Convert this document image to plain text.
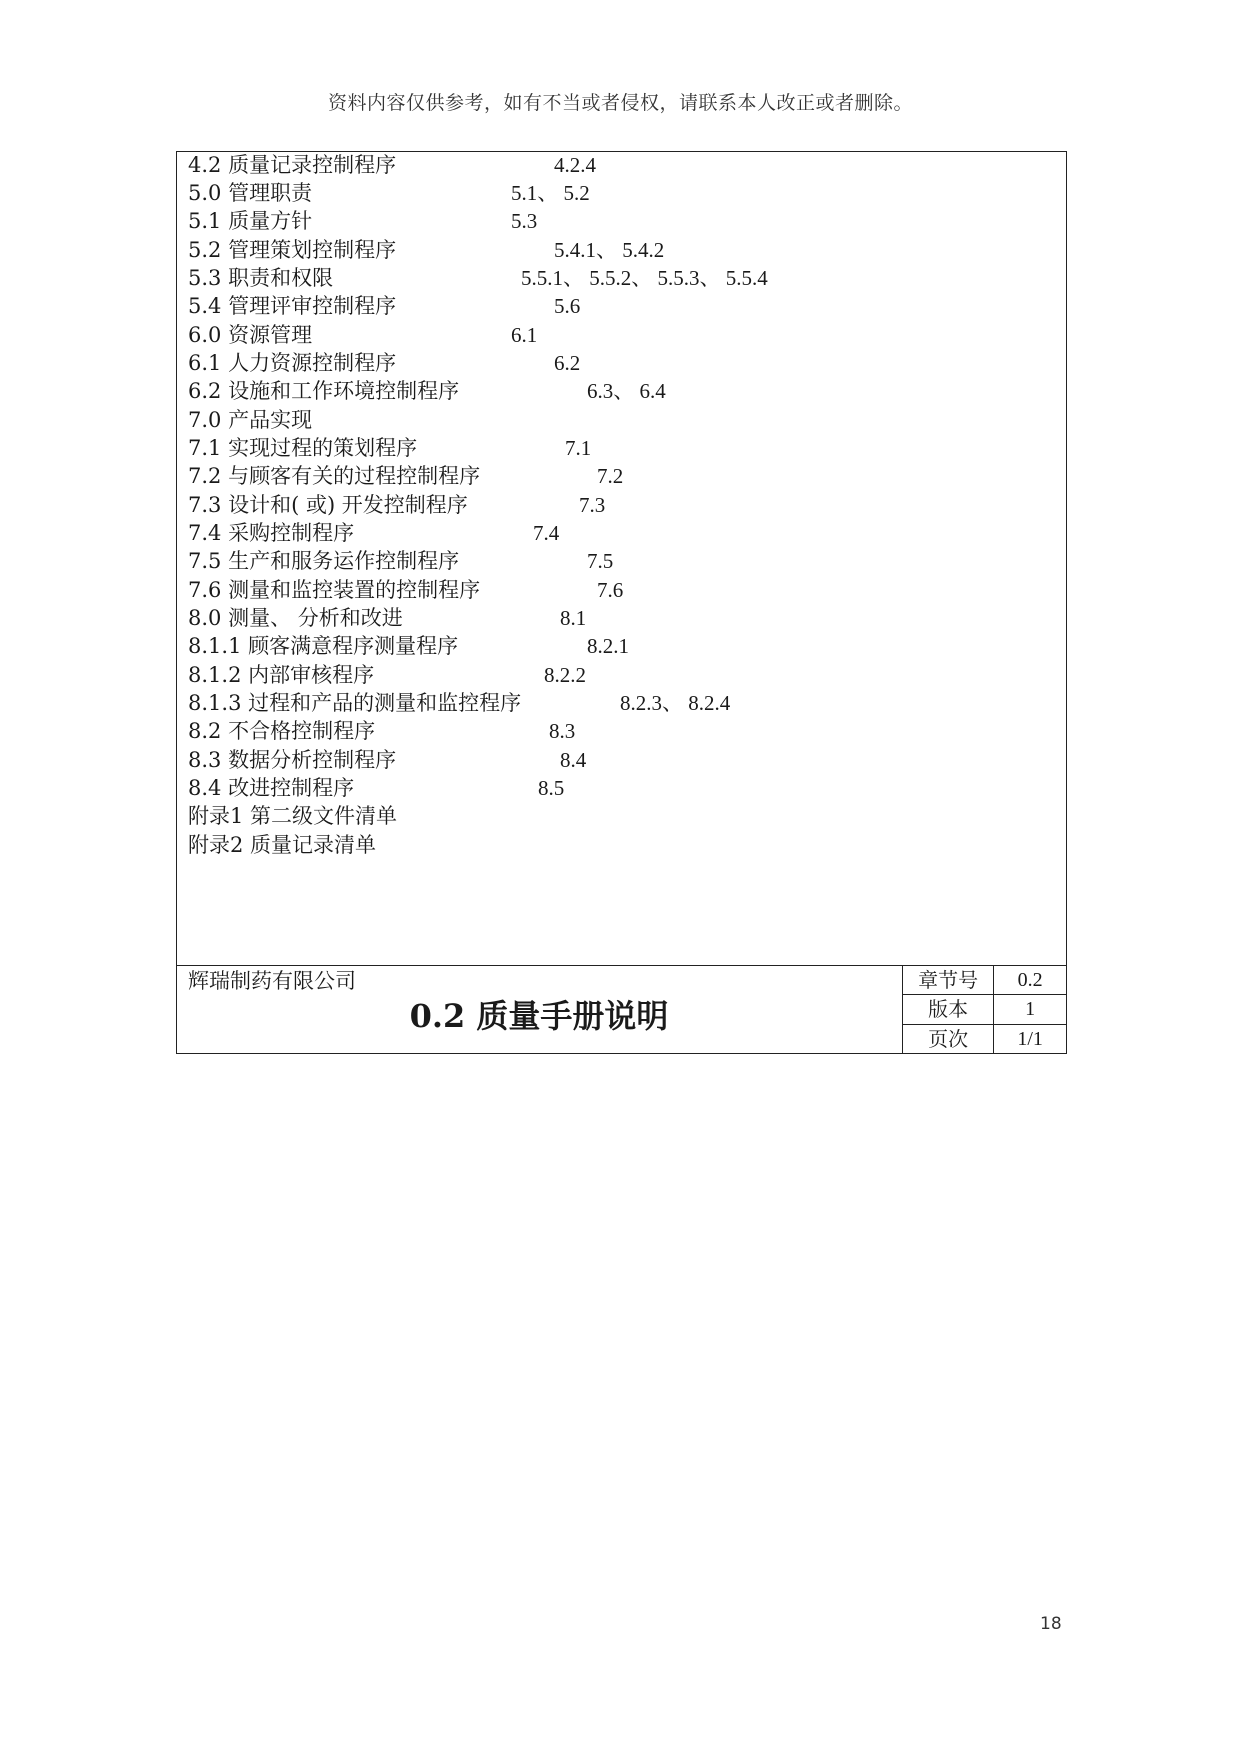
资料内容仅供参考，如有不当或者侵权，请联系本人改正或者删除。
4.2 质量记录控制程序	4.2.4
5.0 管理职责	5.1、 5.2
5.1 质量方针	5.3
5.2 管理策划控制程序	5.4.1、 5.4.2
5.3 职责和权限	5.5.1、 5.5.2、 5.5.3、 5.5.4
5.4 管理评审控制程序	5.6
6.0 资源管理	6.1
6.1 人力资源控制程序	6.2
6.2 设施和工作环境控制程序	6.3、 6.4
7.0 产品实现
7.1 实现过程的策划程序	7.1
7.2 与顾客有关的过程控制程序	7.2
7.3 设计和( 或) 开发控制程序	7.3
7.4 采购控制程序	7.4
7.5 生产和服务运作控制程序	7.5
7.6 测量和监控装置的控制程序	7.6
8.0 测量、 分析和改进	8.1
8.1.1 顾客满意程序测量程序	8.2.1
8.1.2 内部审核程序	8.2.2
8.1.3 过程和产品的测量和监控程序	8.2.3、 8.2.4
8.2 不合格控制程序	8.3
8.3 数据分析控制程序	8.4
8.4 改进控制程序	8.5
附录1 第二级文件清单
附录2 质量记录清单
辉瑞制药有限公司
0.2 质量手册说明
章节号	0.2
版本	1
页次	1/1
18
